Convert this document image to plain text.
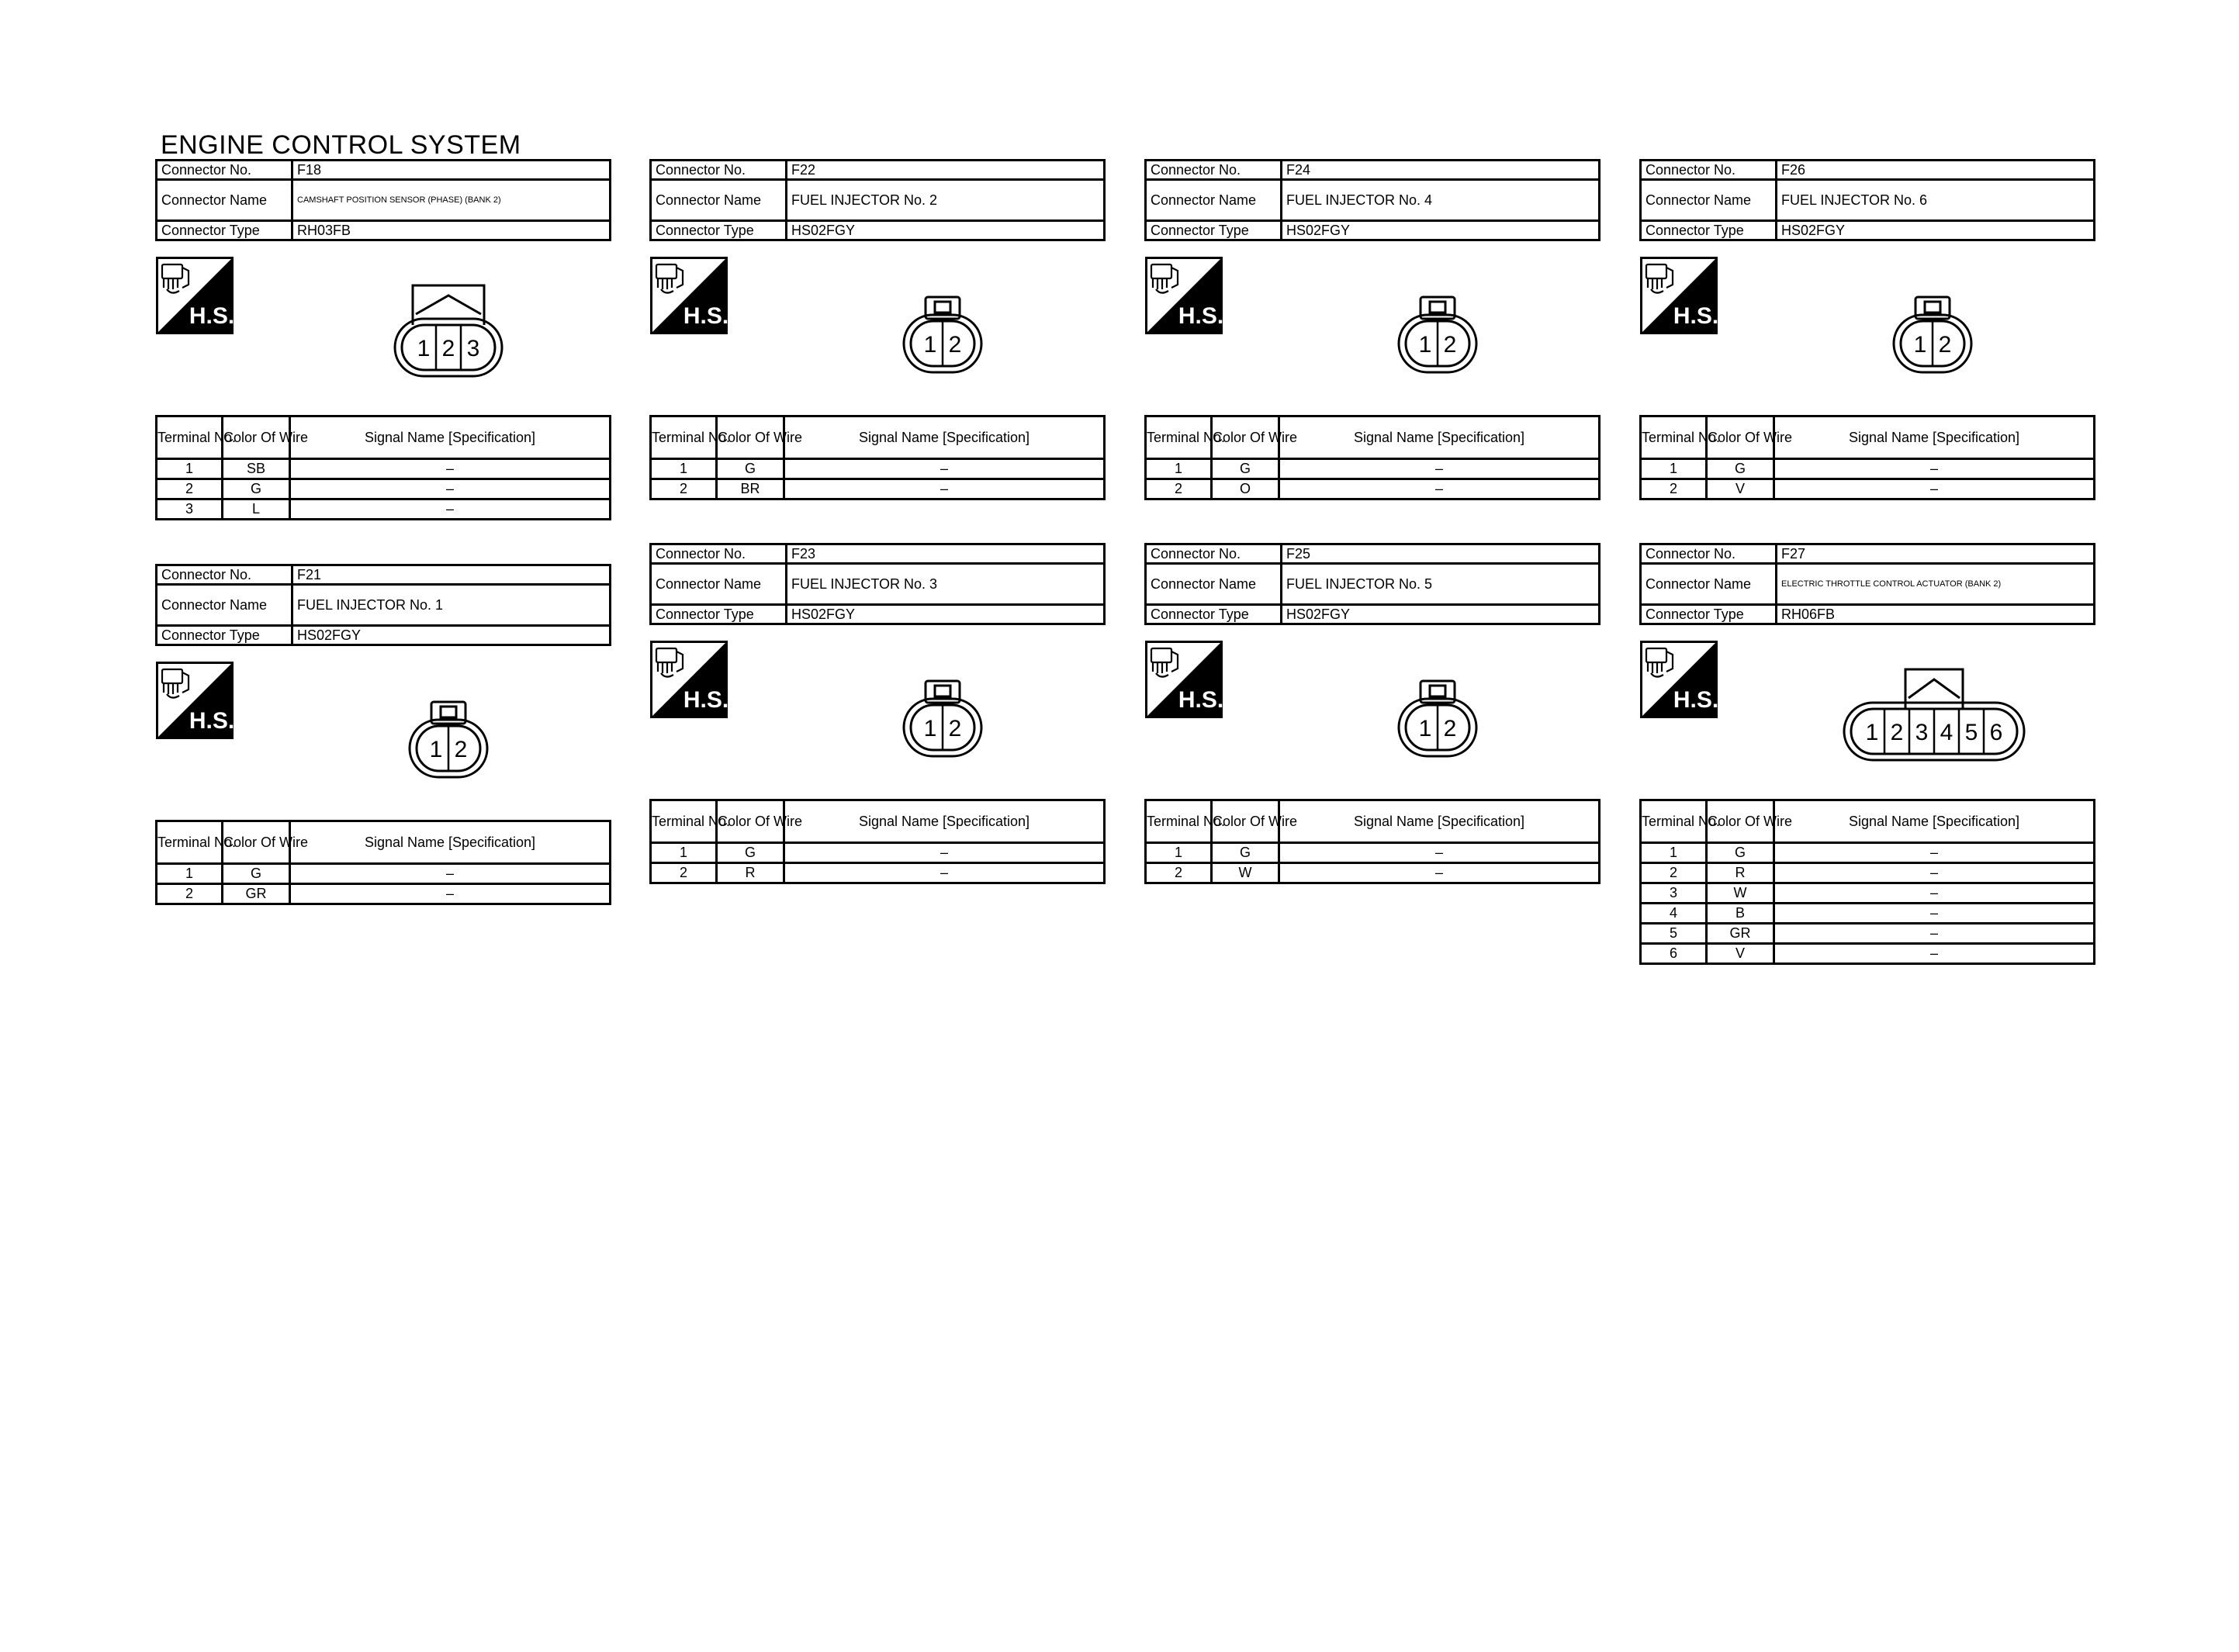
ENGINE CONTROL SYSTEM
Connector No.	F18
Connector Name	CAMSHAFT POSITION SENSOR (PHASE) (BANK 2)
Connector Type	RH03FB
H.S.
1 2 3
Terminal No.	Color Of Wire	Signal Name [Specification]
1	SB	–
2	G	–
3	L	–
Connector No.	F21
Connector Name	FUEL INJECTOR No. 1
Connector Type	HS02FGY
H.S.
1 2
Terminal No.	Color Of Wire	Signal Name [Specification]
1	G	–
2	GR	–
Connector No.	F22
Connector Name	FUEL INJECTOR No. 2
Connector Type	HS02FGY
H.S.
1 2
Terminal No.	Color Of Wire	Signal Name [Specification]
1	G	–
2	BR	–
Connector No.	F23
Connector Name	FUEL INJECTOR No. 3
Connector Type	HS02FGY
H.S.
1 2
Terminal No.	Color Of Wire	Signal Name [Specification]
1	G	–
2	R	–
Connector No.	F24
Connector Name	FUEL INJECTOR No. 4
Connector Type	HS02FGY
H.S.
1 2
Terminal No.	Color Of Wire	Signal Name [Specification]
1	G	–
2	O	–
Connector No.	F25
Connector Name	FUEL INJECTOR No. 5
Connector Type	HS02FGY
H.S.
1 2
Terminal No.	Color Of Wire	Signal Name [Specification]
1	G	–
2	W	–
Connector No.	F26
Connector Name	FUEL INJECTOR No. 6
Connector Type	HS02FGY
H.S.
1 2
Terminal No.	Color Of Wire	Signal Name [Specification]
1	G	–
2	V	–
Connector No.	F27
Connector Name	ELECTRIC THROTTLE CONTROL ACTUATOR (BANK 2)
Connector Type	RH06FB
H.S.
1 2 3 4 5 6
Terminal No.	Color Of Wire	Signal Name [Specification]
1	G	–
2	R	–
3	W	–
4	B	–
5	GR	–
6	V	–
